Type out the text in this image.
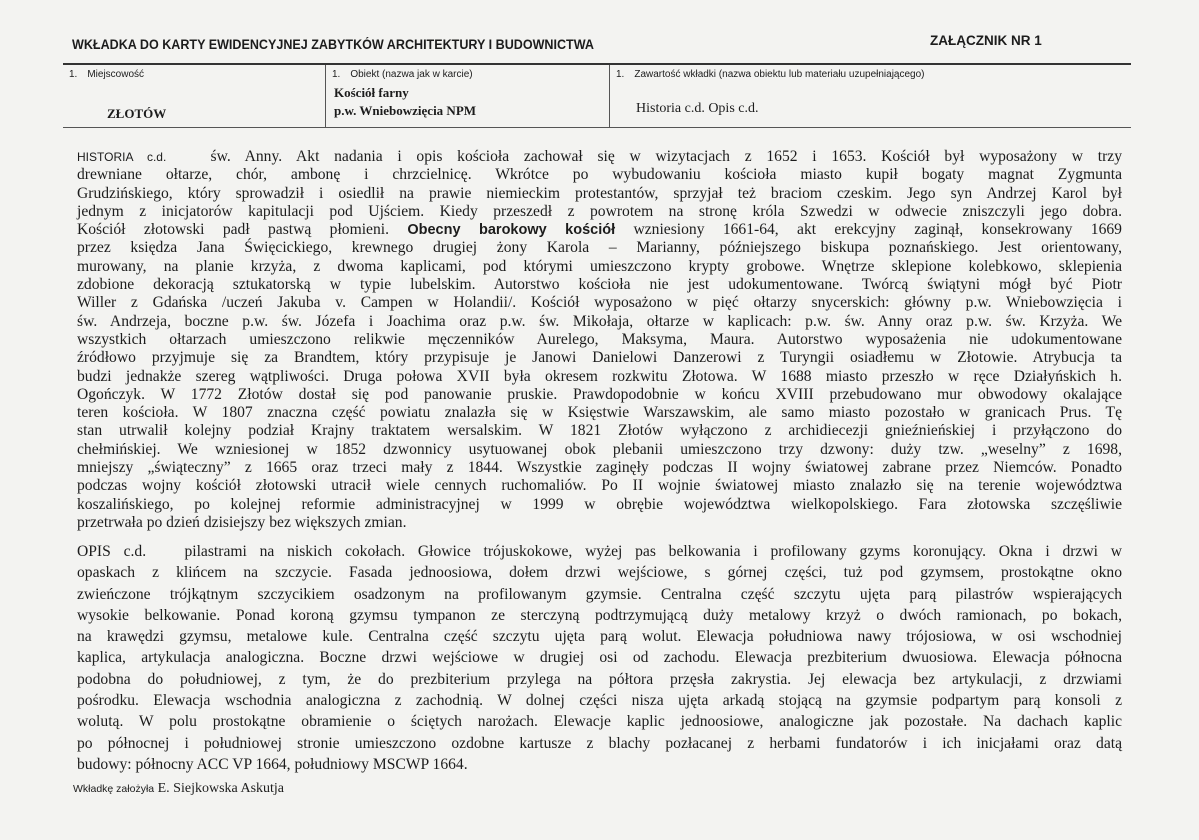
WKŁADKA DO KARTY EWIDENCYJNEJ ZABYTKÓW ARCHITEKTURY I BUDOWNICTWA	ZAŁĄCZNIK NR 1
1. Miejscowość
ZŁOTÓW
1. Obiekt (nazwa jak w karcie)
Kościół farny
p.w. Wniebowzięcia NPM
1. Zawartość wkładki (nazwa obiektu lub materiału uzupełniającego)
Historia c.d. Opis c.d.
HISTORIA c.d.	św. Anny. Akt nadania i opis kościoła zachował się w wizytacjach z 1652 i 1653. Kościół był wyposażony w trzy
drewniane ołtarze, chór, ambonę i chrzcielnicę. Wkrótce po wybudowaniu kościoła miasto kupił bogaty magnat Zygmunta
Grudzińskiego, który sprowadził i osiedlił na prawie niemieckim protestantów, sprzyjał też braciom czeskim. Jego syn Andrzej Karol był
jednym z inicjatorów kapitulacji pod Ujściem. Kiedy przeszedł z powrotem na stronę króla Szwedzi w odwecie zniszczyli jego dobra.
Kościół złotowski padł pastwą płomieni. Obecny barokowy kościół wzniesiony 1661-64, akt erekcyjny zaginął, konsekrowany 1669
przez księdza Jana Święcickiego, krewnego drugiej żony Karola – Marianny, późniejszego biskupa poznańskiego. Jest orientowany,
murowany, na planie krzyża, z dwoma kaplicami, pod którymi umieszczono krypty grobowe. Wnętrze sklepione kolebkowo, sklepienia
zdobione dekoracją sztukatorską w typie lubelskim. Autorstwo kościoła nie jest udokumentowane. Twórcą świątyni mógł być Piotr
Willer z Gdańska /uczeń Jakuba v. Campen w Holandii/. Kościół wyposażono w pięć ołtarzy snycerskich: główny p.w. Wniebowzięcia i
św. Andrzeja, boczne p.w. św. Józefa i Joachima oraz p.w. św. Mikołaja, ołtarze w kaplicach: p.w. św. Anny oraz p.w. św. Krzyża. We
wszystkich ołtarzach umieszczono relikwie męczenników Aurelego, Maksyma, Maura. Autorstwo wyposażenia nie udokumentowane
źródłowo przyjmuje się za Brandtem, który przypisuje je Janowi Danielowi Danzerowi z Turyngii osiadłemu w Złotowie. Atrybucja ta
budzi jednakże szereg wątpliwości. Druga połowa XVII była okresem rozkwitu Złotowa. W 1688 miasto przeszło w ręce Działyńskich h.
Ogończyk. W 1772 Złotów dostał się pod panowanie pruskie. Prawdopodobnie w końcu XVIII przebudowano mur obwodowy okalające
teren kościoła. W 1807 znaczna część powiatu znalazła się w Księstwie Warszawskim, ale samo miasto pozostało w granicach Prus. Tę
stan utrwalił kolejny podział Krajny traktatem wersalskim. W 1821 Złotów wyłączono z archidiecezji gnieźnieńskiej i przyłączono do
chełmińskiej. We wzniesionej w 1852 dzwonnicy usytuowanej obok plebanii umieszczono trzy dzwony: duży tzw. „weselny” z 1698,
mniejszy „świąteczny” z 1665 oraz trzeci mały z 1844. Wszystkie zaginęły podczas II wojny światowej zabrane przez Niemców. Ponadto
podczas wojny kościół złotowski utracił wiele cennych ruchomaliów. Po II wojnie światowej miasto znalazło się na terenie województwa
koszalińskiego, po kolejnej reformie administracyjnej w 1999 w obrębie województwa wielkopolskiego. Fara złotowska szczęśliwie
przetrwała po dzień dzisiejszy bez większych zmian.
OPIS c.d. pilastrami na niskich cokołach. Głowice trójuskokowe, wyżej pas belkowania i profilowany gzyms koronujący. Okna i drzwi w
opaskach z klińcem na szczycie. Fasada jednoosiowa, dołem drzwi wejściowe, s górnej części, tuż pod gzymsem, prostokątne okno
zwieńczone trójkątnym szczycikiem osadzonym na profilowanym gzymsie. Centralna część szczytu ujęta parą pilastrów wspierających
wysokie belkowanie. Ponad koroną gzymsu tympanon ze sterczyną podtrzymującą duży metalowy krzyż o dwóch ramionach, po bokach,
na krawędzi gzymsu, metalowe kule. Centralna część szczytu ujęta parą wolut. Elewacja południowa nawy trójosiowa, w osi wschodniej
kaplica, artykulacja analogiczna. Boczne drzwi wejściowe w drugiej osi od zachodu. Elewacja prezbiterium dwuosiowa. Elewacja północna
podobna do południowej, z tym, że do prezbiterium przylega na półtora przęsła zakrystia. Jej elewacja bez artykulacji, z drzwiami
pośrodku. Elewacja wschodnia analogiczna z zachodnią. W dolnej części nisza ujęta arkadą stojącą na gzymsie podpartym parą konsoli z
wolutą. W polu prostokątne obramienie o ściętych narożach. Elewacje kaplic jednoosiowe, analogiczne jak pozostałe. Na dachach kaplic
po północnej i południowej stronie umieszczono ozdobne kartusze z blachy pozłacanej z herbami fundatorów i ich inicjałami oraz datą
budowy: północny ACC VP 1664, południowy MSCWP 1664.
Wkładkę założyła E. Siejkowska Askutja
